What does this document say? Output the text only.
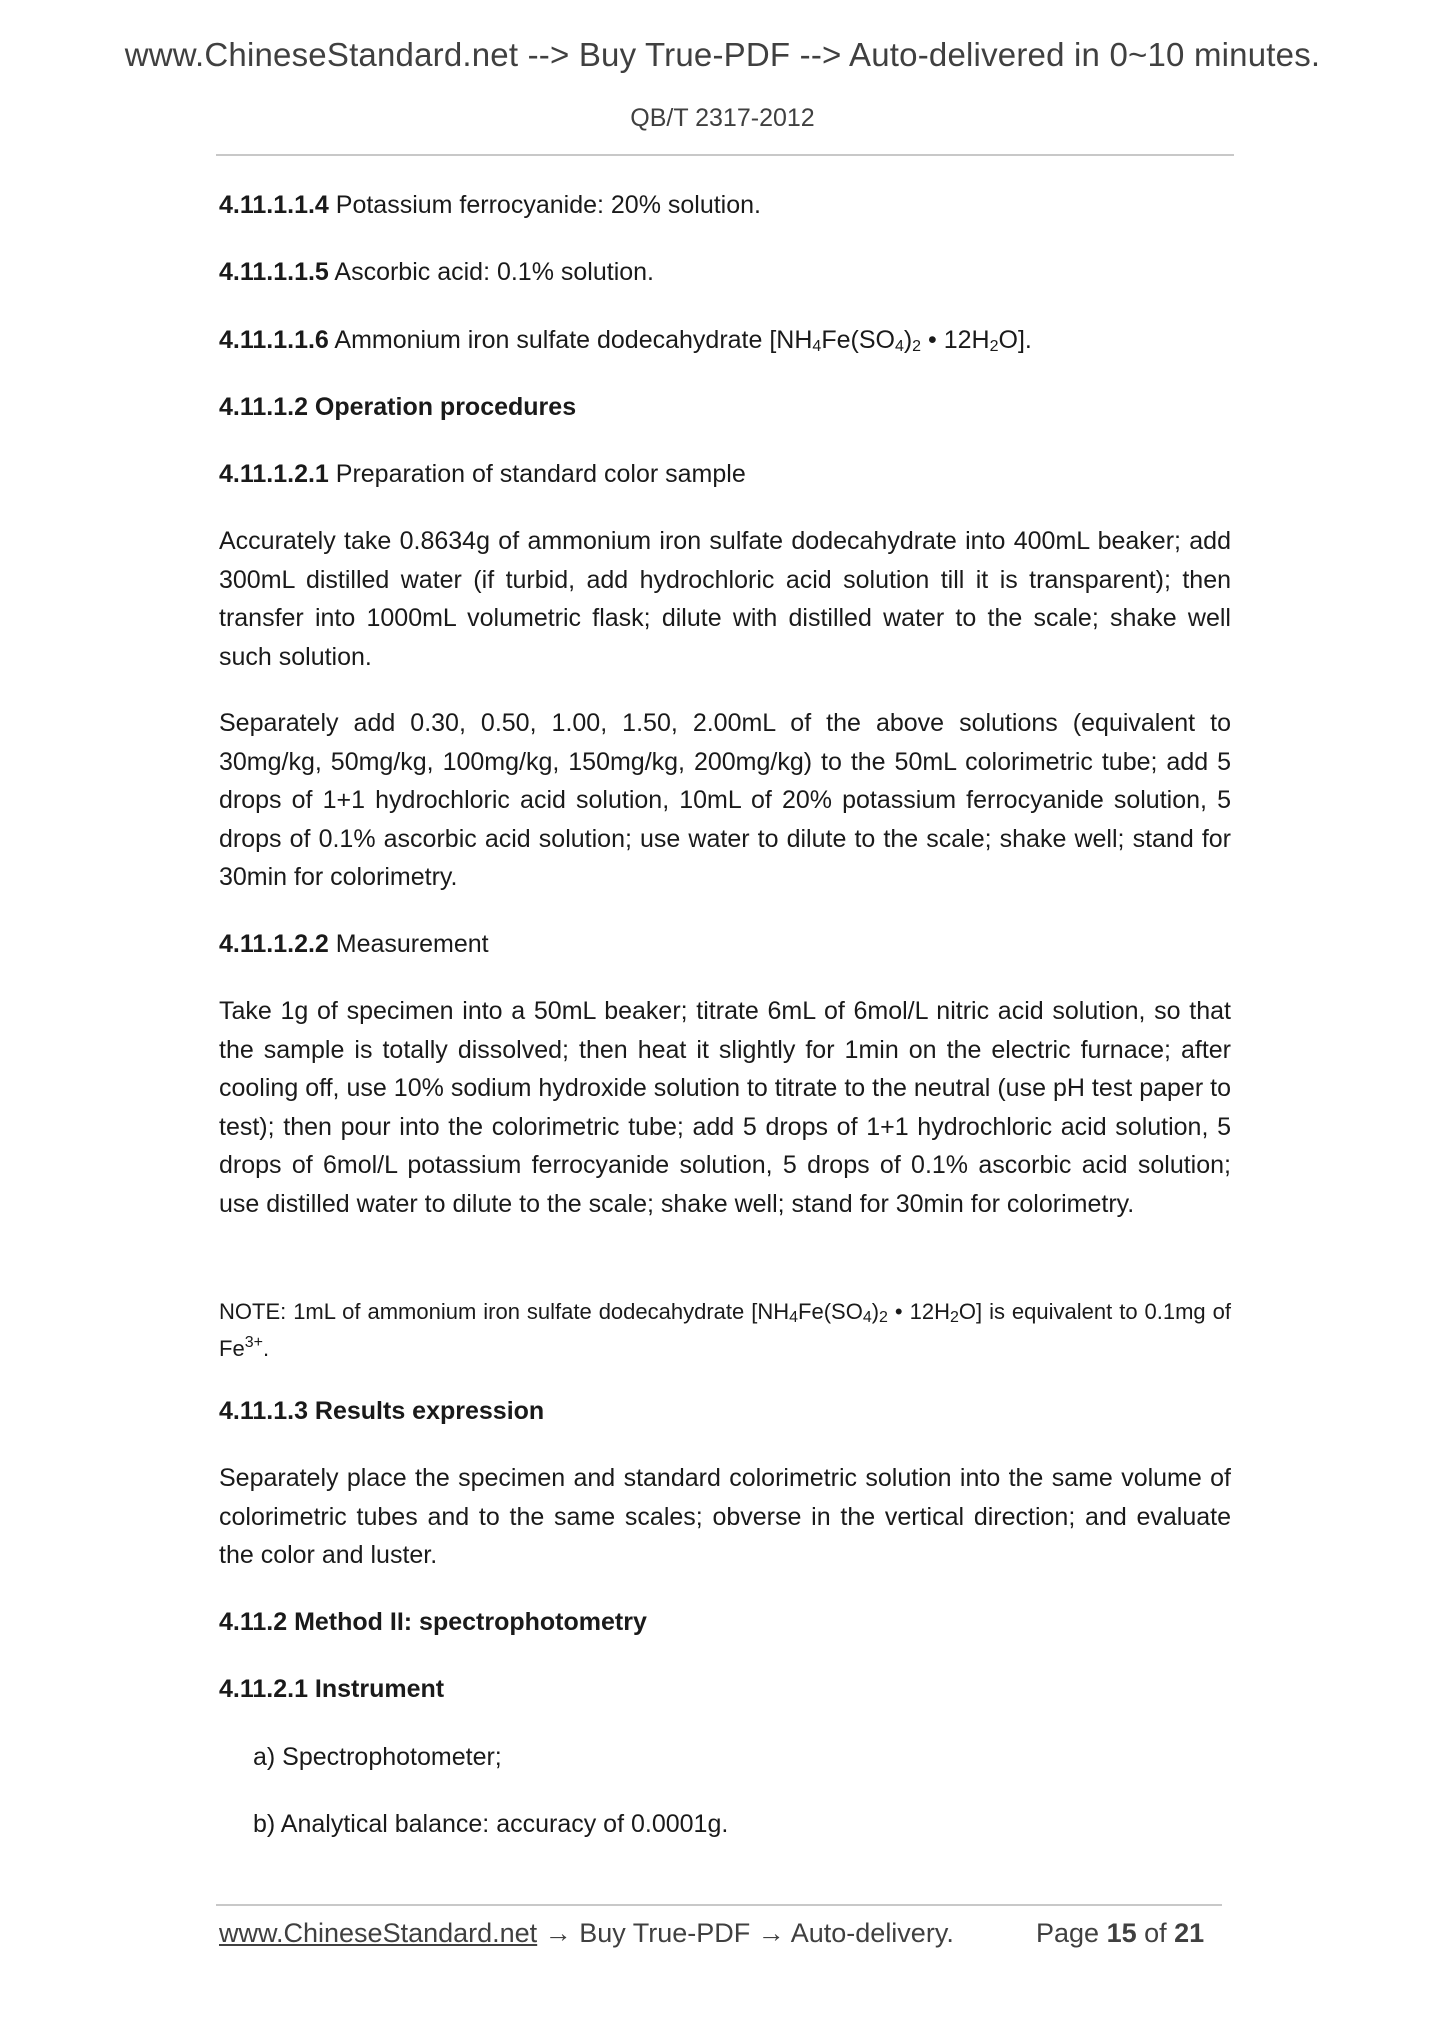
www.ChineseStandard.net --> Buy True-PDF --> Auto-delivered in 0~10 minutes.
QB/T 2317-2012

4.11.1.1.4 Potassium ferrocyanide: 20% solution.

4.11.1.1.5 Ascorbic acid: 0.1% solution.

4.11.1.1.6 Ammonium iron sulfate dodecahydrate [$NH_4Fe(SO_4)_2$ • $12H_2O$].

4.11.1.2 Operation procedures

4.11.1.2.1 Preparation of standard color sample

Accurately take 0.8634g of ammonium iron sulfate dodecahydrate into 400mL beaker; add 300mL distilled water (if turbid, add hydrochloric acid solution till it is transparent); then transfer into 1000mL volumetric flask; dilute with distilled water to the scale; shake well such solution.

Separately add 0.30, 0.50, 1.00, 1.50, 2.00mL of the above solutions (equivalent to 30mg/kg, 50mg/kg, 100mg/kg, 150mg/kg, 200mg/kg) to the 50mL colorimetric tube; add 5 drops of 1+1 hydrochloric acid solution, 10mL of 20% potassium ferrocyanide solution, 5 drops of 0.1% ascorbic acid solution; use water to dilute to the scale; shake well; stand for 30min for colorimetry.

4.11.1.2.2 Measurement

Take 1g of specimen into a 50mL beaker; titrate 6mL of 6mol/L nitric acid solution, so that the sample is totally dissolved; then heat it slightly for 1min on the electric furnace; after cooling off, use 10% sodium hydroxide solution to titrate to the neutral (use pH test paper to test); then pour into the colorimetric tube; add 5 drops of 1+1 hydrochloric acid solution, 5 drops of 6mol/L potassium ferrocyanide solution, 5 drops of 0.1% ascorbic acid solution; use distilled water to dilute to the scale; shake well; stand for 30min for colorimetry.

NOTE: 1mL of ammonium iron sulfate dodecahydrate [$NH_4Fe(SO_4)_2$ • $12H_2O$] is equivalent to 0.1mg of $Fe^{3+}$.

4.11.1.3 Results expression

Separately place the specimen and standard colorimetric solution into the same volume of colorimetric tubes and to the same scales; obverse in the vertical direction; and evaluate the color and luster.

4.11.2 Method II: spectrophotometry

4.11.2.1 Instrument

a) Spectrophotometer;

b) Analytical balance: accuracy of 0.0001g.

www.ChineseStandard.net → Buy True-PDF → Auto-delivery.	Page 15 of 21
